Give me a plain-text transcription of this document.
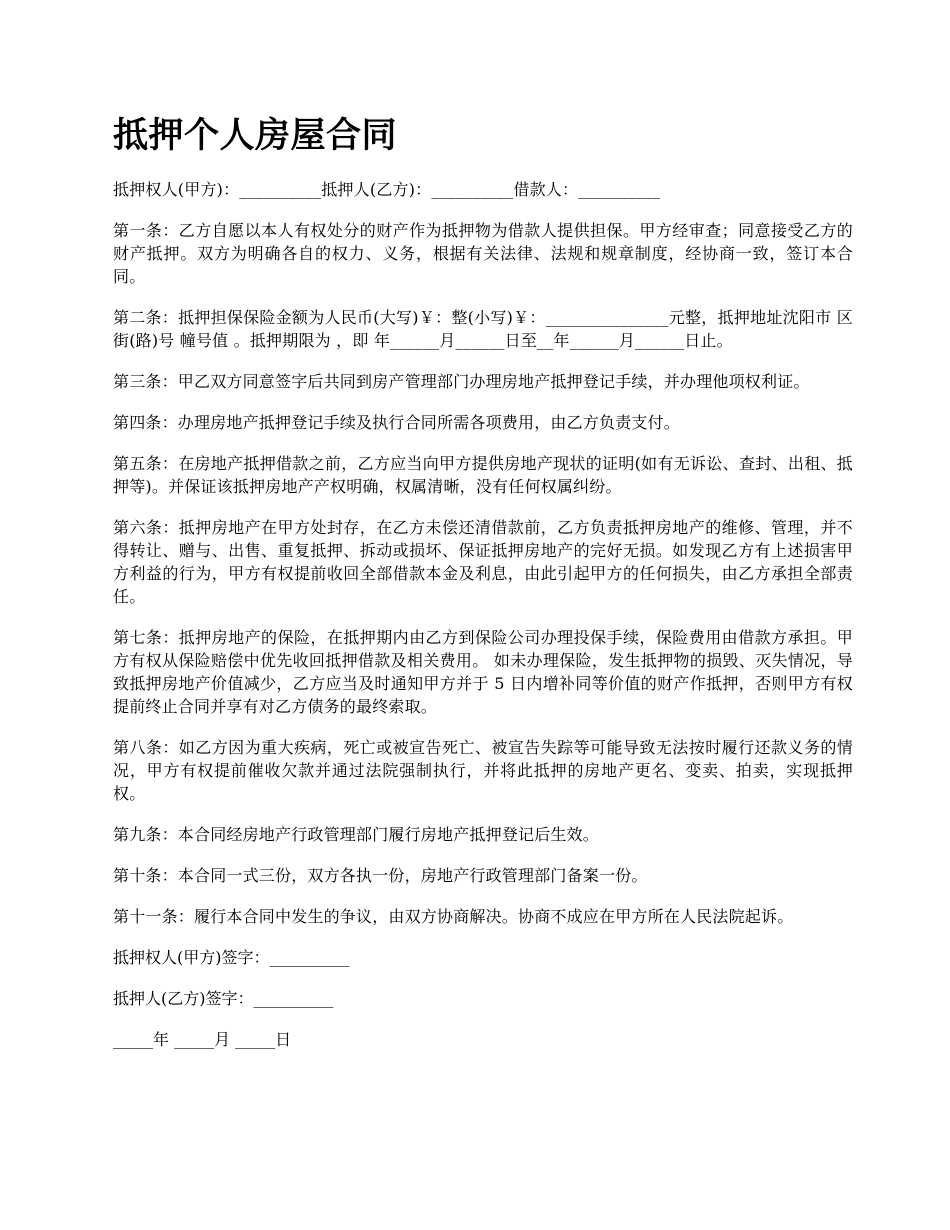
抵押个人房屋合同

抵押权人(甲方)：__________抵押人(乙方)：__________借款人：__________

第一条：乙方自愿以本人有权处分的财产作为抵押物为借款人提供担保。甲方经审查；同意接受乙方的财产抵押。双方为明确各自的权力、义务，根据有关法律、法规和规章制度，经协商一致，签订本合同。

第二条：抵押担保保险金额为人民币(大写)￥：整(小写)￥：_______________元整，抵押地址沈阳市 区 街(路)号 幢号值 。抵押期限为 ，即 年______月______日至__年______月______日止。

第三条：甲乙双方同意签字后共同到房产管理部门办理房地产抵押登记手续，并办理他项权利证。

第四条：办理房地产抵押登记手续及执行合同所需各项费用，由乙方负责支付。

第五条：在房地产抵押借款之前，乙方应当向甲方提供房地产现状的证明(如有无诉讼、查封、出租、抵押等)。并保证该抵押房地产产权明确，权属清晰，没有任何权属纠纷。

第六条：抵押房地产在甲方处封存，在乙方未偿还清借款前，乙方负责抵押房地产的维修、管理，并不得转让、赠与、出售、重复抵押、拆动或损坏、保证抵押房地产的完好无损。如发现乙方有上述损害甲方利益的行为，甲方有权提前收回全部借款本金及利息，由此引起甲方的任何损失，由乙方承担全部责任。

第七条：抵押房地产的保险，在抵押期内由乙方到保险公司办理投保手续，保险费用由借款方承担。甲方有权从保险赔偿中优先收回抵押借款及相关费用。 如未办理保险，发生抵押物的损毁、灭失情况，导致抵押房地产价值减少，乙方应当及时通知甲方并于 5 日内增补同等价值的财产作抵押，否则甲方有权提前终止合同并享有对乙方债务的最终索取。

第八条：如乙方因为重大疾病，死亡或被宣告死亡、被宣告失踪等可能导致无法按时履行还款义务的情况，甲方有权提前催收欠款并通过法院强制执行，并将此抵押的房地产更名、变卖、拍卖，实现抵押权。

第九条：本合同经房地产行政管理部门履行房地产抵押登记后生效。

第十条：本合同一式三份，双方各执一份，房地产行政管理部门备案一份。

第十一条：履行本合同中发生的争议，由双方协商解决。协商不成应在甲方所在人民法院起诉。

抵押权人(甲方)签字：__________

抵押人(乙方)签字：__________

_____年 _____月 _____日
